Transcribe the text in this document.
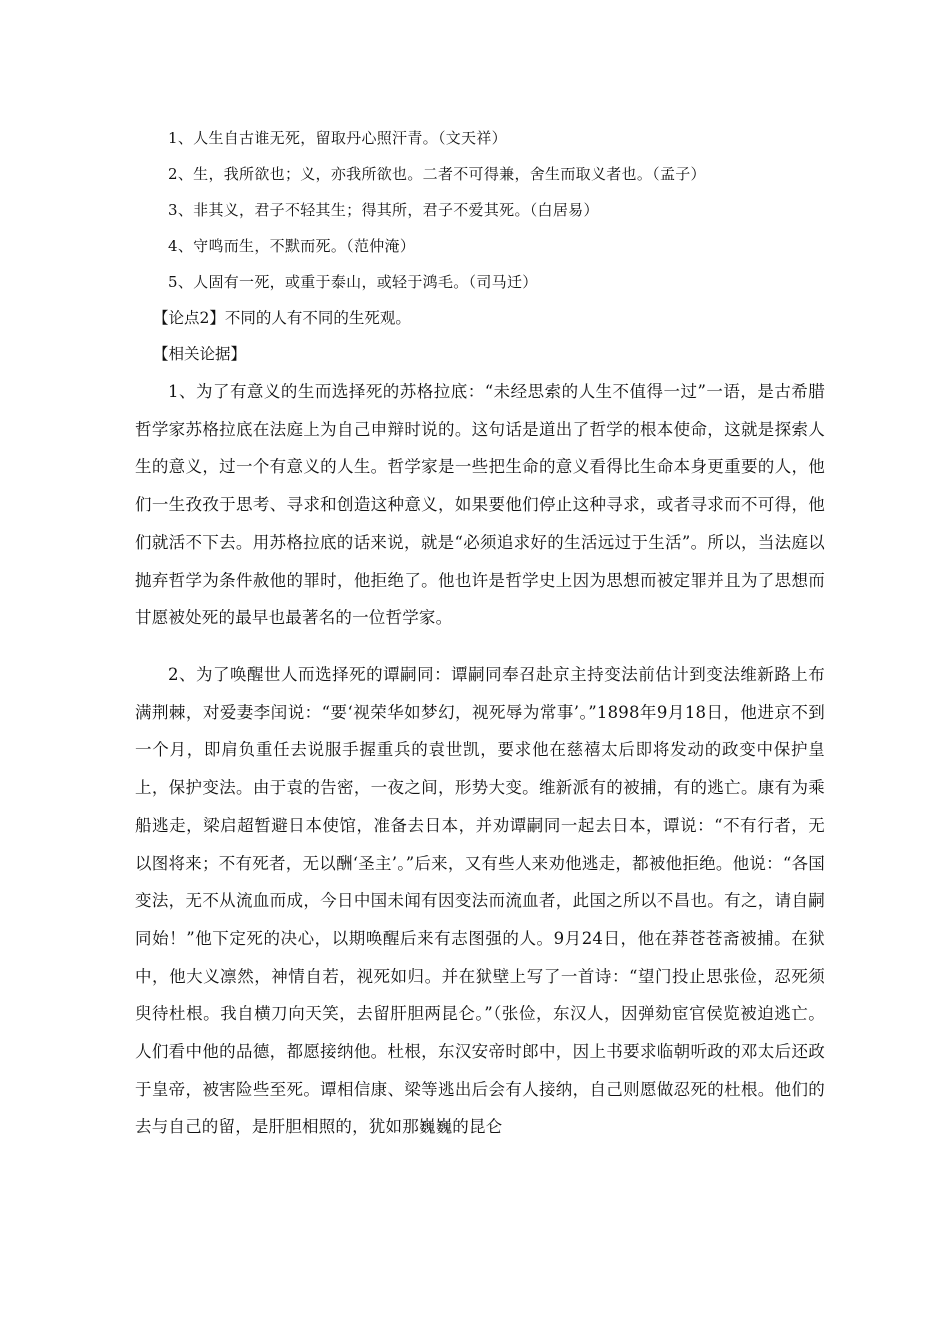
1、人生自古谁无死，留取丹心照汗青。（文天祥）
2、生，我所欲也；义，亦我所欲也。二者不可得兼，舍生而取义者也。（孟子）
3、非其义，君子不轻其生；得其所，君子不爱其死。（白居易）
4、守鸣而生，不默而死。（范仲淹）
5、人固有一死，或重于泰山，或轻于鸿毛。（司马迁）
【论点2】不同的人有不同的生死观。
【相关论据】

1、为了有意义的生而选择死的苏格拉底：“未经思索的人生不值得一过”一语，是古希腊哲学家苏格拉底在法庭上为自己申辩时说的。这句话是道出了哲学的根本使命，这就是探索人生的意义，过一个有意义的人生。哲学家是一些把生命的意义看得比生命本身更重要的人，他们一生孜孜于思考、寻求和创造这种意义，如果要他们停止这种寻求，或者寻求而不可得，他们就活不下去。用苏格拉底的话来说，就是“必须追求好的生活远过于生活”。所以，当法庭以抛弃哲学为条件赦他的罪时，他拒绝了。他也许是哲学史上因为思想而被定罪并且为了思想而甘愿被处死的最早也最著名的一位哲学家。

2、为了唤醒世人而选择死的谭嗣同：谭嗣同奉召赴京主持变法前估计到变法维新路上布满荆棘，对爱妻李闰说：“要‘视荣华如梦幻，视死辱为常事’。”1898年9月18日，他进京不到一个月，即肩负重任去说服手握重兵的袁世凯，要求他在慈禧太后即将发动的政变中保护皇上，保护变法。由于袁的告密，一夜之间，形势大变。维新派有的被捕，有的逃亡。康有为乘船逃走，梁启超暂避日本使馆，准备去日本，并劝谭嗣同一起去日本，谭说：“不有行者，无以图将来；不有死者，无以酬‘圣主’。”后来，又有些人来劝他逃走，都被他拒绝。他说：“各国变法，无不从流血而成，今日中国未闻有因变法而流血者，此国之所以不昌也。有之，请自嗣同始！”他下定死的决心，以期唤醒后来有志图强的人。9月24日，他在莽苍苍斋被捕。在狱中，他大义凛然，神情自若，视死如归。并在狱壁上写了一首诗：“望门投止思张俭，忍死须臾待杜根。我自横刀向天笑，去留肝胆两昆仑。”（张俭，东汉人，因弹劾宦官侯览被迫逃亡。人们看中他的品德，都愿接纳他。杜根，东汉安帝时郎中，因上书要求临朝听政的邓太后还政于皇帝，被害险些至死。谭相信康、梁等逃出后会有人接纳，自己则愿做忍死的杜根。他们的去与自己的留，是肝胆相照的，犹如那巍巍的昆仑
